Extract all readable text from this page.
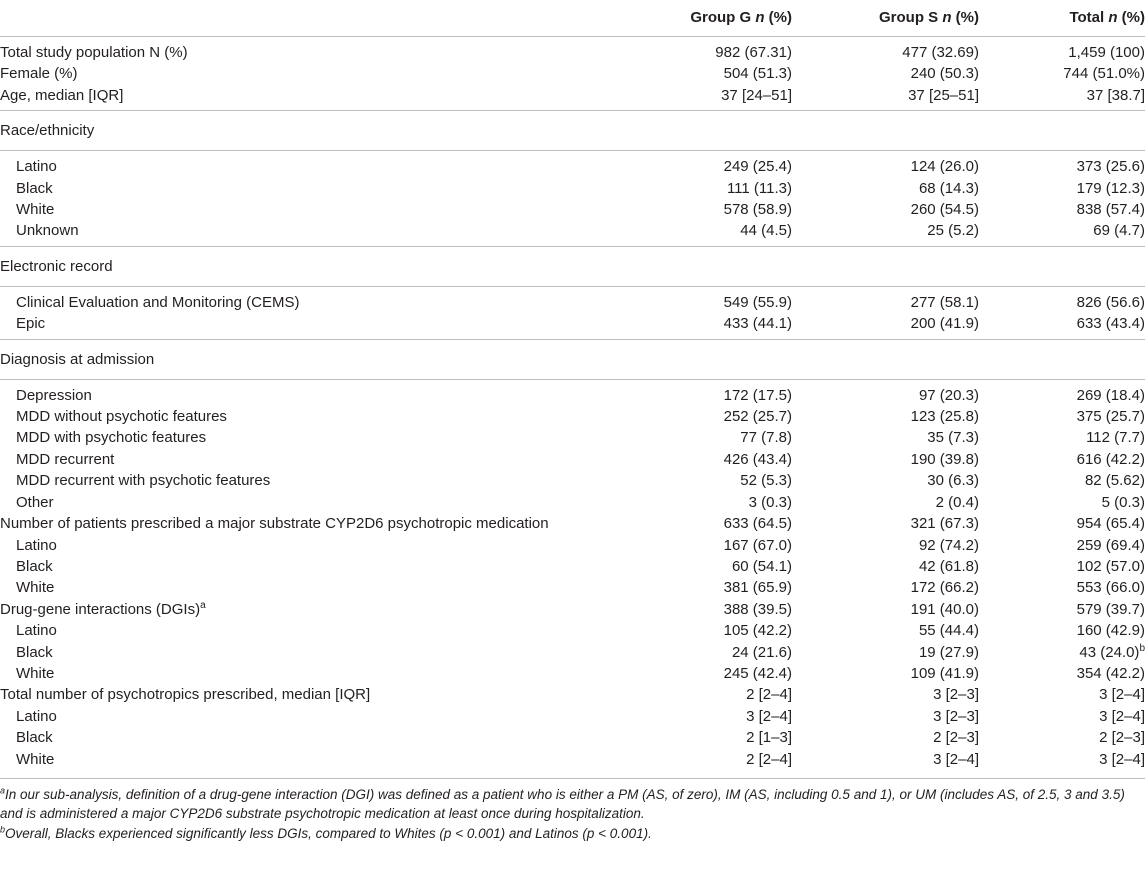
	Group G n (%)	Group S n (%)	Total n (%)
Total study population N (%)	982 (67.31)	477 (32.69)	1,459 (100)
Female (%)	504 (51.3)	240 (50.3)	744 (51.0%)
Age, median [IQR]	37 [24–51]	37 [25–51]	37 [38.7]
Race/ethnicity			
Latino	249 (25.4)	124 (26.0)	373 (25.6)
Black	111 (11.3)	68 (14.3)	179 (12.3)
White	578 (58.9)	260 (54.5)	838 (57.4)
Unknown	44 (4.5)	25 (5.2)	69 (4.7)
Electronic record			
Clinical Evaluation and Monitoring (CEMS)	549 (55.9)	277 (58.1)	826 (56.6)
Epic	433 (44.1)	200 (41.9)	633 (43.4)
Diagnosis at admission			
Depression	172 (17.5)	97 (20.3)	269 (18.4)
MDD without psychotic features	252 (25.7)	123 (25.8)	375 (25.7)
MDD with psychotic features	77 (7.8)	35 (7.3)	112 (7.7)
MDD recurrent	426 (43.4)	190 (39.8)	616 (42.2)
MDD recurrent with psychotic features	52 (5.3)	30 (6.3)	82 (5.62)
Other	3 (0.3)	2 (0.4)	5 (0.3)
Number of patients prescribed a major substrate CYP2D6 psychotropic medication	633 (64.5)	321 (67.3)	954 (65.4)
Latino	167 (67.0)	92 (74.2)	259 (69.4)
Black	60 (54.1)	42 (61.8)	102 (57.0)
White	381 (65.9)	172 (66.2)	553 (66.0)
Drug-gene interactions (DGIs)$^a$	388 (39.5)	191 (40.0)	579 (39.7)
Latino	105 (42.2)	55 (44.4)	160 (42.9)
Black	24 (21.6)	19 (27.9)	43 $(24.0)^b$
White	245 (42.4)	109 (41.9)	354 (42.2)
Total number of psychotropics prescribed, median [IQR]	2 [2–4]	3 [2–3]	3 [2–4]
Latino	3 [2–4]	3 [2–3]	3 [2–4]
Black	2 [1–3]	2 [2–3]	2 [2–3]
White	2 [2–4]	3 [2–4]	3 [2–4]

$^a$In our sub-analysis, definition of a drug-gene interaction (DGI) was defined as a patient who is either a PM (AS, of zero), IM (AS, including 0.5 and 1), or UM (includes AS, of 2.5, 3 and 3.5)
and is administered a major CYP2D6 substrate psychotropic medication at least once during hospitalization.
$^b$Overall, Blacks experienced significantly less DGIs, compared to Whites (p < 0.001) and Latinos (p < 0.001).
